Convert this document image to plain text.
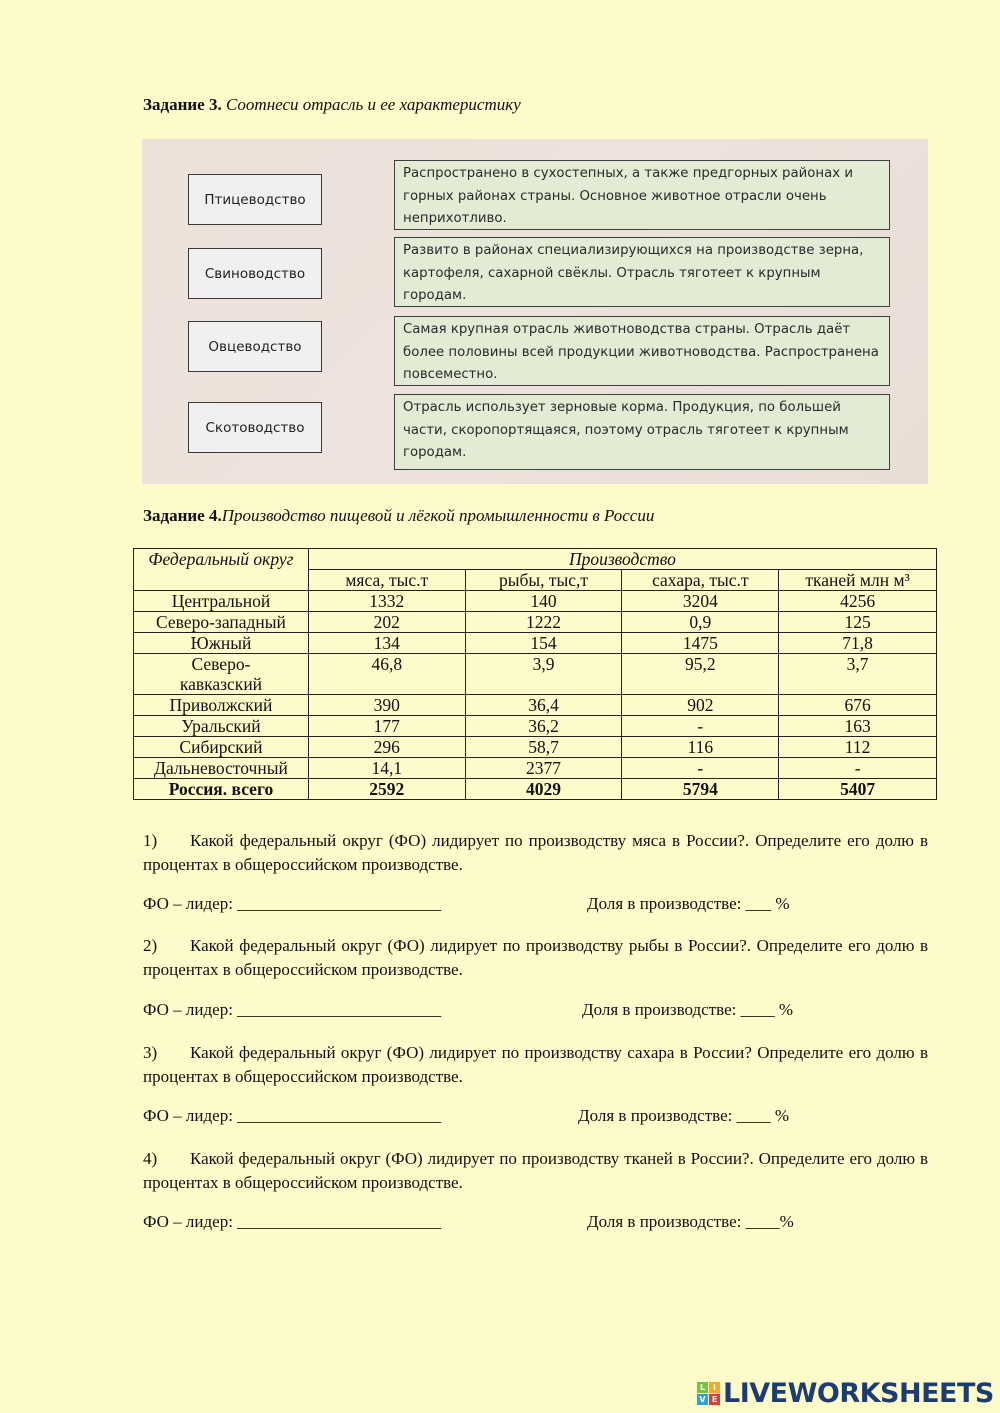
Задание 3. Соотнеси отрасль и ее характеристику
Птицеводство
Свиноводство
Овцеводство
Скотоводство
Распространено в сухостепных, а также предгорных районах и горных районах страны. Основное животное отрасли очень неприхотливо.
Развито в районах специализирующихся на производстве зерна, картофеля, сахарной свёклы. Отрасль тяготеет к крупным городам.
Самая крупная отрасль животноводства страны. Отрасль даёт более половины всей продукции животноводства. Распространена повсеместно.
Отрасль использует зерновые корма. Продукция, по большей части, скоропортящаяся, поэтому отрасль тяготеет к крупным городам.
Задание 4.Производство пищевой и лёгкой промышленности в России
Федеральный округ	Производство			
	мяса, тыс.т	рыбы, тыс,т	сахара, тыс.т	тканей млн м³
Центральной	1332	140	3204	4256
Северо-западный	202	1222	0,9	125
Южный	134	154	1475	71,8
Северо-кавказский	46,8	3,9	95,2	3,7
Приволжский	390	36,4	902	676
Уральский	177	36,2	-	163
Сибирский	296	58,7	116	112
Дальневосточный	14,1	2377	-	-
Россия. всего	2592	4029	5794	5407
1) Какой федеральный округ (ФО) лидирует по производству мяса в России?. Определите его долю в процентах в общероссийском производстве.
ФО – лидер: ________________________	Доля в производстве: ___ %
2) Какой федеральный округ (ФО) лидирует по производству рыбы в России?. Определите его долю в процентах в общероссийском производстве.
ФО – лидер: ________________________	Доля в производстве: ____ %
3) Какой федеральный округ (ФО) лидирует по производству сахара в России? Определите его долю в процентах в общероссийском производстве.
ФО – лидер: ________________________	Доля в производстве: ____ %
4) Какой федеральный округ (ФО) лидирует по производству тканей в России?. Определите его долю в процентах в общероссийском производстве.
ФО – лидер: ________________________	Доля в производстве: ____%
L I
V E LIVEWORKSHEETS
